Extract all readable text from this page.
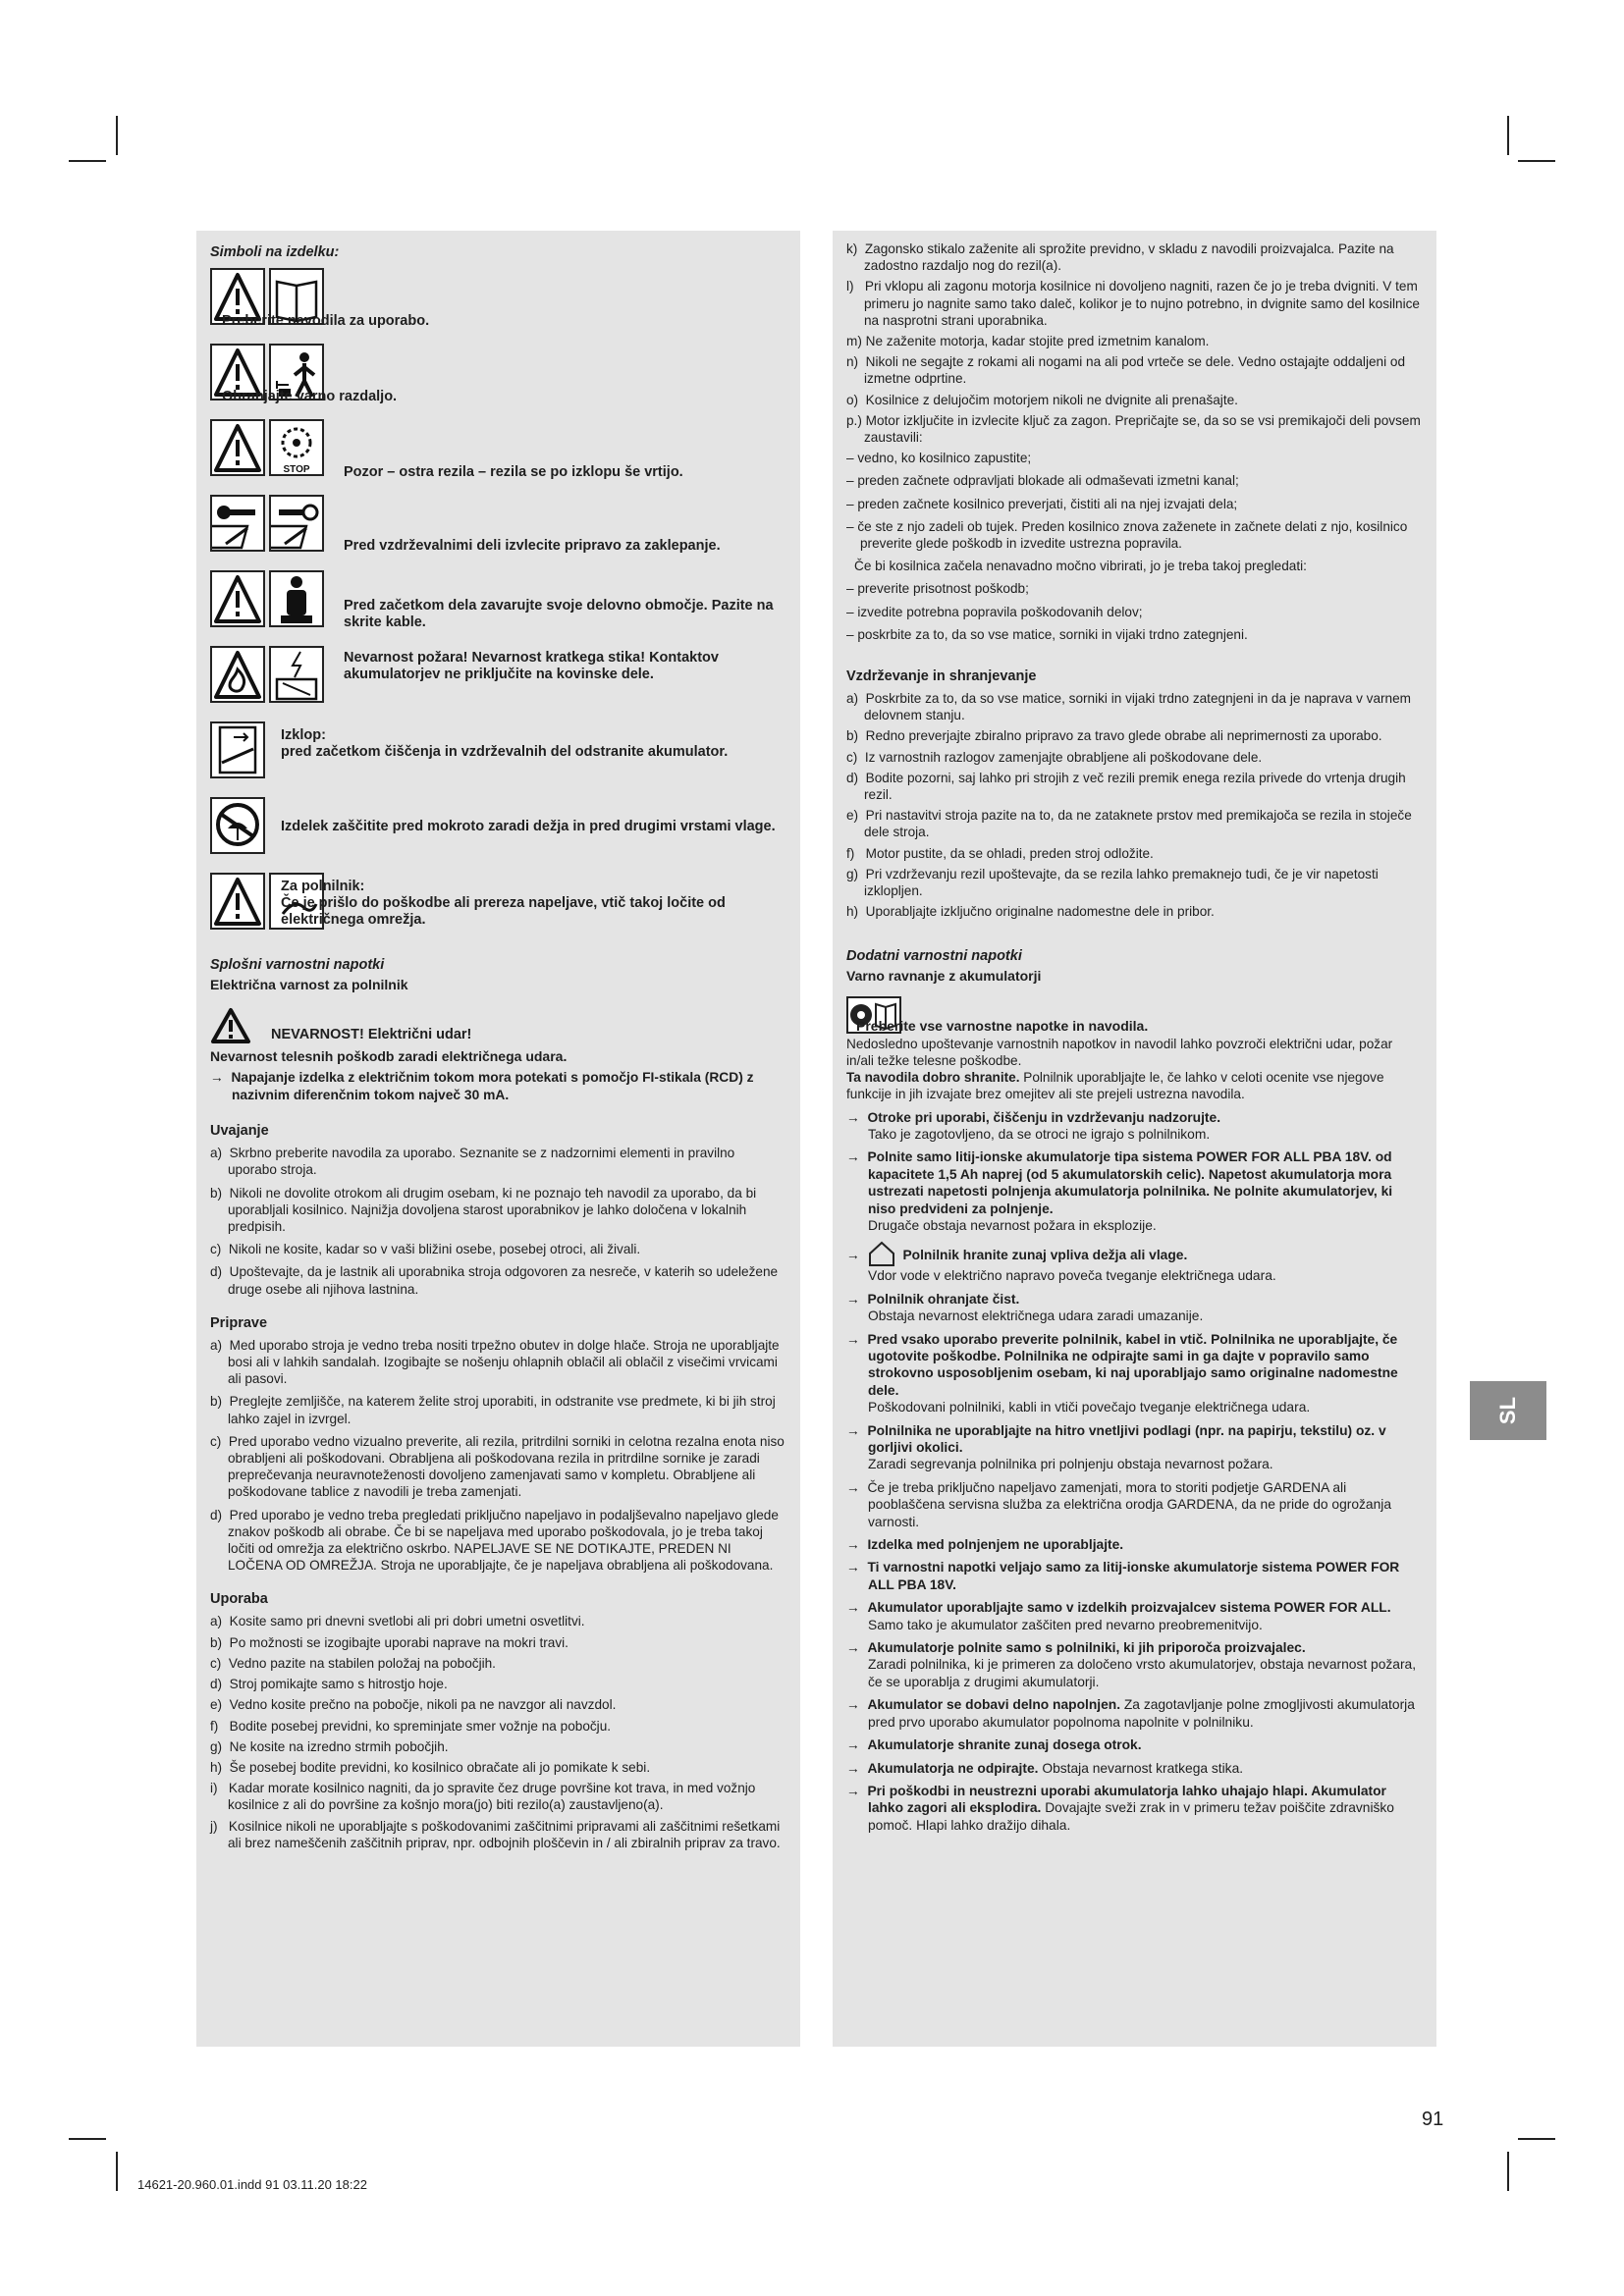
Simboli na izdelku:
Preberite navodila za uporabo.
Ohranjajte varno razdaljo.
STOP Pozor – ostra rezila – rezila se po izklopu še vrtijo.
Pred vzdrževalnimi deli izvlecite pripravo za zaklepanje.
Pred začetkom dela zavarujte svoje delovno območje. Pazite na skrite kable.
Nevarnost požara! Nevarnost kratkega stika! Kontaktov akumulatorjev ne priključite na kovinske dele.
Izklop:
pred začetkom čiščenja in vzdrževalnih del odstranite akumulator.
Izdelek zaščitite pred mokroto zaradi dežja in pred drugimi vrstami vlage.
Za polnilnik:
Če je prišlo do poškodbe ali prereza napeljave, vtič takoj ločite od električnega omrežja.
Splošni varnostni napotki
Električna varnost za polnilnik
NEVARNOST! Električni udar!
Nevarnost telesnih poškodb zaradi električnega udara.
→  Napajanje izdelka z električnim tokom mora potekati s pomočjo FI-stikala (RCD) z nazivnim diferenčnim tokom največ 30 mA.
Uvajanje
a)  Skrbno preberite navodila za uporabo. Seznanite se z nadzornimi elementi in pravilno uporabo stroja.
b)  Nikoli ne dovolite otrokom ali drugim osebam, ki ne poznajo teh navodil za uporabo, da bi uporabljali kosilnico. Najnižja dovoljena starost uporabnikov je lahko določena v lokalnih predpisih.
c)  Nikoli ne kosite, kadar so v vaši bližini osebe, posebej otroci, ali živali.
d)  Upoštevajte, da je lastnik ali uporabnika stroja odgovoren za nesreče, v katerih so udeležene druge osebe ali njihova lastnina.
Priprave
a)  Med uporabo stroja je vedno treba nositi trpežno obutev in dolge hlače. Stroja ne uporabljajte bosi ali v lahkih sandalah. Izogibajte se nošenju ohlapnih oblačil ali oblačil z visečimi vrvicami ali pasovi.
b)  Preglejte zemljišče, na katerem želite stroj uporabiti, in odstranite vse predmete, ki bi jih stroj lahko zajel in izvrgel.
c)  Pred uporabo vedno vizualno preverite, ali rezila, pritrdilni sorniki in celotna rezalna enota niso obrabljeni ali poškodovani. Obrabljena ali poškodovana rezila in pritrdilne sornike je zaradi preprečevanja neuravnoteženosti dovoljeno zamenjavati samo v kompletu. Obrabljene ali poškodovane tablice z navodili je treba zamenjati.
d)  Pred uporabo je vedno treba pregledati priključno napeljavo in podaljševalno napeljavo glede znakov poškodb ali obrabe. Če bi se napeljava med uporabo poškodovala, jo je treba takoj ločiti od omrežja za električno oskrbo. NAPELJAVE SE NE DOTIKAJTE, PREDEN NI LOČENA OD OMREŽJA. Stroja ne uporabljajte, če je napeljava obrabljena ali poškodovana.
Uporaba
a)  Kosite samo pri dnevni svetlobi ali pri dobri umetni osvetlitvi.
b)  Po možnosti se izogibajte uporabi naprave na mokri travi.
c)  Vedno pazite na stabilen položaj na pobočjih.
d)  Stroj pomikajte samo s hitrostjo hoje.
e)  Vedno kosite prečno na pobočje, nikoli pa ne navzgor ali navzdol.
f)   Bodite posebej previdni, ko spreminjate smer vožnje na pobočju.
g)  Ne kosite na izredno strmih pobočjih.
h)  Še posebej bodite previdni, ko kosilnico obračate ali jo pomikate k sebi.
i)   Kadar morate kosilnico nagniti, da jo spravite čez druge površine kot trava, in med vožnjo kosilnice z ali do površine za košnjo mora(jo) biti rezilo(a) zaustavljeno(a).
j)   Kosilnice nikoli ne uporabljajte s poškodovanimi zaščitnimi pripravami ali zaščitnimi rešetkami ali brez nameščenih zaščitnih priprav, npr. odbojnih ploščevin in / ali zbiralnih priprav za travo.
k)  Zagonsko stikalo zaženite ali sprožite previdno, v skladu z navodili proizvajalca. Pazite na zadostno razdaljo nog do rezil(a).
l)   Pri vklopu ali zagonu motorja kosilnice ni dovoljeno nagniti, razen če jo je treba dvigniti. V tem primeru jo nagnite samo tako daleč, kolikor je to nujno potrebno, in dvignite samo del kosilnice na nasprotni strani uporabnika.
m) Ne zaženite motorja, kadar stojite pred izmetnim kanalom.
n)  Nikoli ne segajte z rokami ali nogami na ali pod vrteče se dele. Vedno ostajajte oddaljeni od izmetne odprtine.
o)  Kosilnice z delujočim motorjem nikoli ne dvignite ali prenašajte.
p.) Motor izključite in izvlecite ključ za zagon. Prepričajte se, da so se vsi premikajoči deli povsem zaustavili:
– vedno, ko kosilnico zapustite;
– preden začnete odpravljati blokade ali odmaševati izmetni kanal;
– preden začnete kosilnico preverjati, čistiti ali na njej izvajati dela;
– če ste z njo zadeli ob tujek. Preden kosilnico znova zaženete in začnete delati z njo, kosilnico preverite glede poškodb in izvedite ustrezna popravila.
Če bi kosilnica začela nenavadno močno vibrirati, jo je treba takoj pregledati:
– preverite prisotnost poškodb;
– izvedite potrebna popravila poškodovanih delov;
– poskrbite za to, da so vse matice, sorniki in vijaki trdno zategnjeni.
Vzdrževanje in shranjevanje
a)  Poskrbite za to, da so vse matice, sorniki in vijaki trdno zategnjeni in da je naprava v varnem delovnem stanju.
b)  Redno preverjajte zbiralno pripravo za travo glede obrabe ali neprimernosti za uporabo.
c)  Iz varnostnih razlogov zamenjajte obrabljene ali poškodovane dele.
d)  Bodite pozorni, saj lahko pri strojih z več rezili premik enega rezila privede do vrtenja drugih rezil.
e)  Pri nastavitvi stroja pazite na to, da ne zataknete prstov med premikajoča se rezila in stoječe dele stroja.
f)   Motor pustite, da se ohladi, preden stroj odložite.
g)  Pri vzdrževanju rezil upoštevajte, da se rezila lahko premaknejo tudi, če je vir napetosti izklopljen.
h)  Uporabljajte izključno originalne nadomestne dele in pribor.
Dodatni varnostni napotki
Varno ravnanje z akumulatorji
Preberite vse varnostne napotke in navodila.
Nedosledno upoštevanje varnostnih napotkov in navodil lahko povzroči električni udar, požar in/ali težke telesne poškodbe.
Ta navodila dobro shranite. Polnilnik uporabljajte le, če lahko v celoti ocenite vse njegove funkcije in jih izvajate brez omejitev ali ste prejeli ustrezna navodila.
→  Otroke pri uporabi, čiščenju in vzdrževanju nadzorujte.
Tako je zagotovljeno, da se otroci ne igrajo s polnilnikom.
→  Polnite samo litij-ionske akumulatorje tipa sistema POWER FOR ALL PBA 18V. od kapacitete 1,5 Ah naprej (od 5 akumulatorskih celic). Napetost akumulatorja mora ustrezati napetosti polnjenja akumulatorja polnilnika. Ne polnite akumulatorjev, ki niso predvideni za polnjenje.
Drugače obstaja nevarnost požara in eksplozije.
→	Polnilnik hranite zunaj vpliva dežja ali vlage.
Vdor vode v električno napravo poveča tveganje električnega udara.
→  Polnilnik ohranjate čist.
Obstaja nevarnost električnega udara zaradi umazanije.
→  Pred vsako uporabo preverite polnilnik, kabel in vtič. Polnilnika ne uporabljajte, če ugotovite poškodbe. Polnilnika ne odpirajte sami in ga dajte v popravilo samo strokovno usposobljenim osebam, ki naj uporabljajo samo originalne nadomestne dele.
Poškodovani polnilniki, kabli in vtiči povečajo tveganje električnega udara.
→  Polnilnika ne uporabljajte na hitro vnetljivi podlagi (npr. na papirju, tekstilu) oz. v gorljivi okolici.
Zaradi segrevanja polnilnika pri polnjenju obstaja nevarnost požara.
→  Če je treba priključno napeljavo zamenjati, mora to storiti podjetje GARDENA ali pooblaščena servisna služba za električna orodja GARDENA, da ne pride do ogrožanja varnosti.
→  Izdelka med polnjenjem ne uporabljajte.
→  Ti varnostni napotki veljajo samo za litij-ionske akumulatorje sistema POWER FOR ALL PBA 18V.
→  Akumulator uporabljajte samo v izdelkih proizvajalcev sistema POWER FOR ALL.
Samo tako je akumulator zaščiten pred nevarno preobremenitvijo.
→  Akumulatorje polnite samo s polnilniki, ki jih priporoča proizvajalec.
Zaradi polnilnika, ki je primeren za določeno vrsto akumulatorjev, obstaja nevarnost požara, če se uporablja z drugimi akumulatorji.
→  Akumulator se dobavi delno napolnjen. Za zagotavljanje polne zmogljivosti akumulatorja pred prvo uporabo akumulator popolnoma napolnite v polnilniku.
→  Akumulatorje shranite zunaj dosega otrok.
→  Akumulatorja ne odpirajte. Obstaja nevarnost kratkega stika.
→  Pri poškodbi in neustrezni uporabi akumulatorja lahko uhajajo hlapi. Akumulator lahko zagori ali eksplodira. Dovajajte sveži zrak in v primeru težav poiščite zdravniško pomoč. Hlapi lahko dražijo dihala.
SL
91
14621-20.960.01.indd 91 03.11.20 18:22
